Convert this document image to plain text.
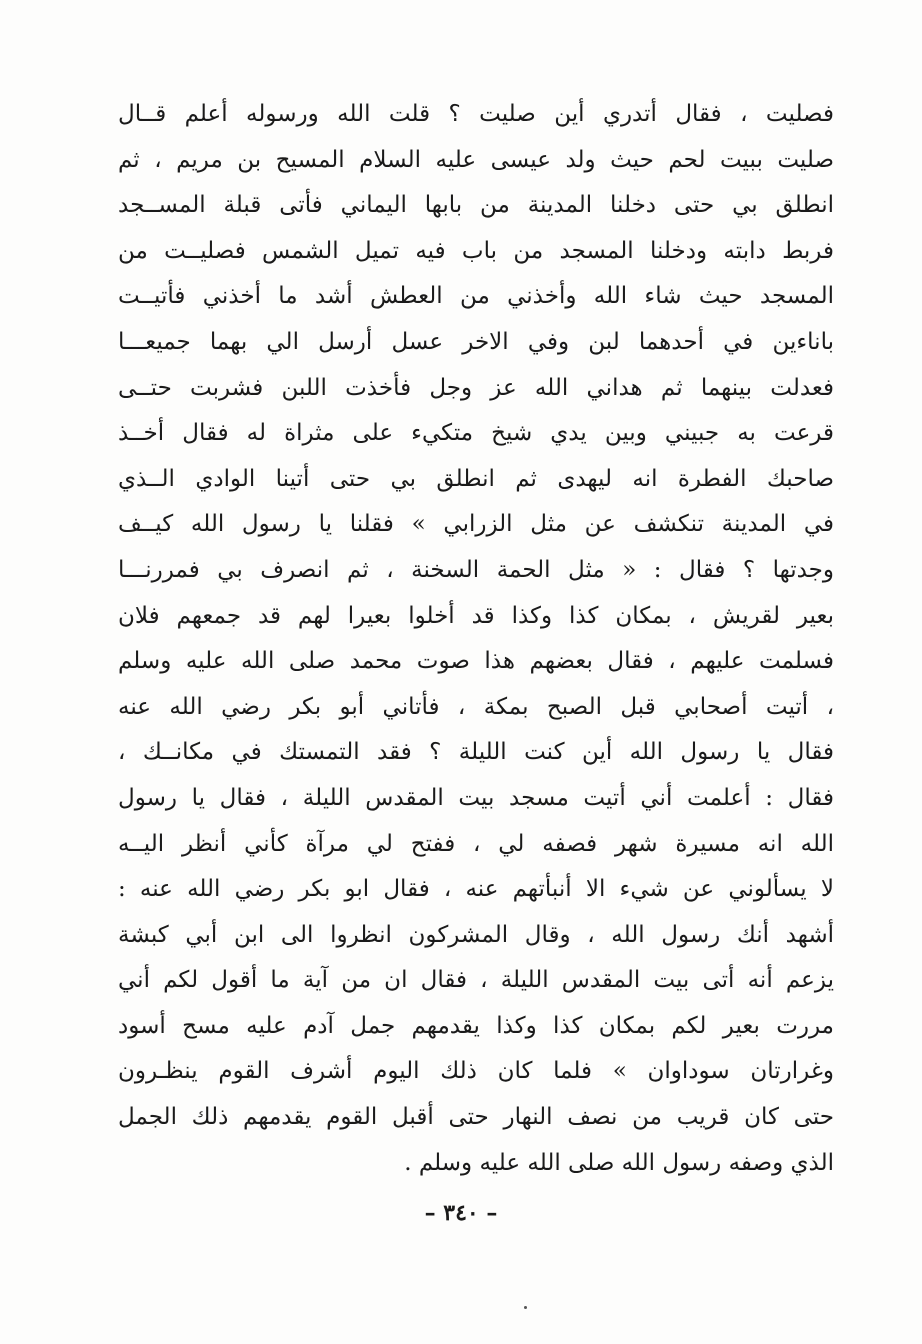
فصليت ، فقال أتدري أين صليت ؟ قلت الله ورسوله أعلم قــال
صليت ببيت لحم حيث ولد عيسى عليه السلام المسيح بن مريم ، ثم
انطلق بي حتى دخلنا المدينة من بابها اليماني فأتى قبلة المســجد
فربط دابته ودخلنا المسجد من باب فيه تميل الشمس فصليــت من
المسجد حيث شاء الله وأخذني من العطش أشد ما أخذني فأتيــت
باناءين في أحدهما لبن وفي الاخر عسل أرسل الي بهما جميعـــا
فعدلت بينهما ثم هداني الله عز وجل فأخذت اللبن فشربت حتــى
قرعت به جبيني وبين يدي شيخ متكيء على مثراة له فقال أخــذ
صاحبك الفطرة انه ليهدى ثم انطلق بي حتى أتينا الوادي الــذي
في المدينة تنكشف عن مثل الزرابي » فقلنا يا رسول الله كيــف
وجدتها ؟ فقال : « مثل الحمة السخنة ، ثم انصرف بي فمررنـــا
بعير لقريش ، بمكان كذا وكذا قد أخلوا بعيرا لهم قد جمعهم فلان
فسلمت عليهم ، فقال بعضهم هذا صوت محمد صلى الله عليه وسلم
، أتيت أصحابي قبل الصبح بمكة ، فأتاني أبو بكر رضي الله عنه
فقال يا رسول الله أين كنت الليلة ؟ فقد التمستك في مكانــك ،
فقال : أعلمت أني أتيت مسجد بيت المقدس الليلة ، فقال يا رسول
الله انه مسيرة شهر فصفه لي ، ففتح لي مرآة كأني أنظر اليــه
لا يسألوني عن شيء الا أنبأتهم عنه ، فقال ابو بكر رضي الله عنه :
أشهد أنك رسول الله ، وقال المشركون انظروا الى ابن أبي كبشة
يزعم أنه أتى بيت المقدس الليلة ، فقال ان من آية ما أقول لكم أني
مررت بعير لكم بمكان كذا وكذا يقدمهم جمل آدم عليه مسح أسود
وغرارتان سوداوان » فلما كان ذلك اليوم أشرف القوم ينظـرون
حتى كان قريب من نصف النهار حتى أقبل القوم يقدمهم ذلك الجمل
الذي وصفه رسول الله صلى الله عليه وسلم .
– ٣٤٠ –
